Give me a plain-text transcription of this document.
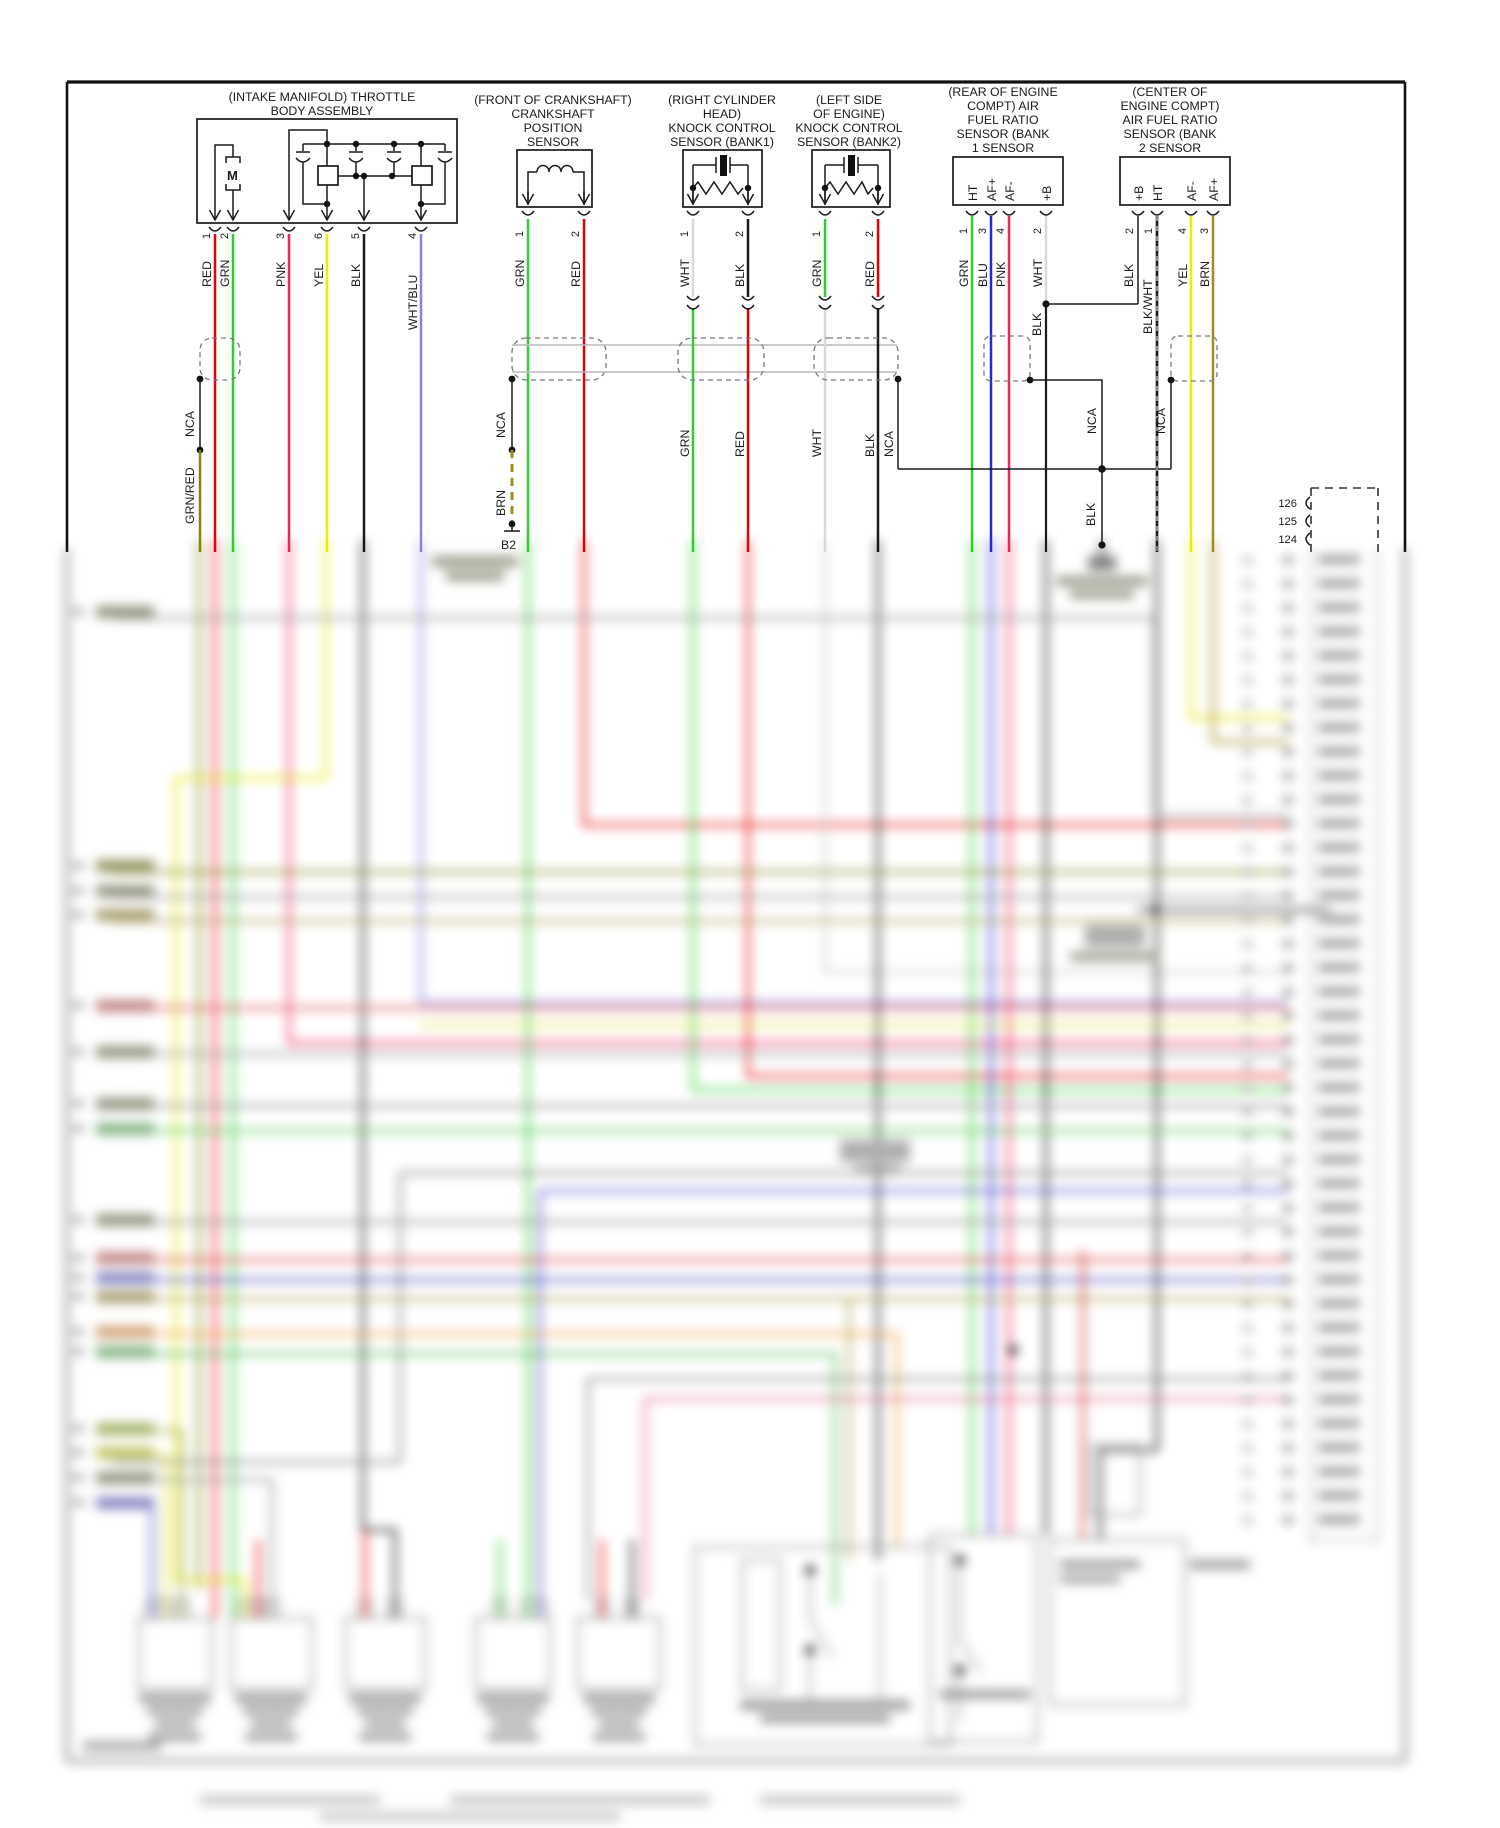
(INTAKE MANIFOLD) THROTTLE
BODY ASSEMBLY
M
1 2	3 6 5	4
RED GRN	PNK YEL BLK	WHT/BLU
NCA
GRN/RED
(FRONT OF CRANKSHAFT)
CRANKSHAFT
POSITION
SENSOR
1	2
GRN	RED
NCA
BRN
B2
(RIGHT CYLINDER
HEAD)
KNOCK CONTROL
SENSOR (BANK1)
1	2
WHT	BLK
GRN	RED
(LEFT SIDE
OF ENGINE)
KNOCK CONTROL
SENSOR (BANK2)
1	2
GRN	RED
WHT	BLK NCA
(REAR OF ENGINE
COMPT) AIR
FUEL RATIO
SENSOR (BANK
1 SENSOR
HT AF+ AF- +B
1 3 4 2
GRN BLU PNK WHT
BLK
NCA
BLK
(CENTER OF
ENGINE COMPT)
AIR FUEL RATIO
SENSOR (BANK
2 SENSOR
+B HT AF- AF+
2 1 4 3
BLK
BLK/WHT
YEL BRN
NCA
126
125
124
